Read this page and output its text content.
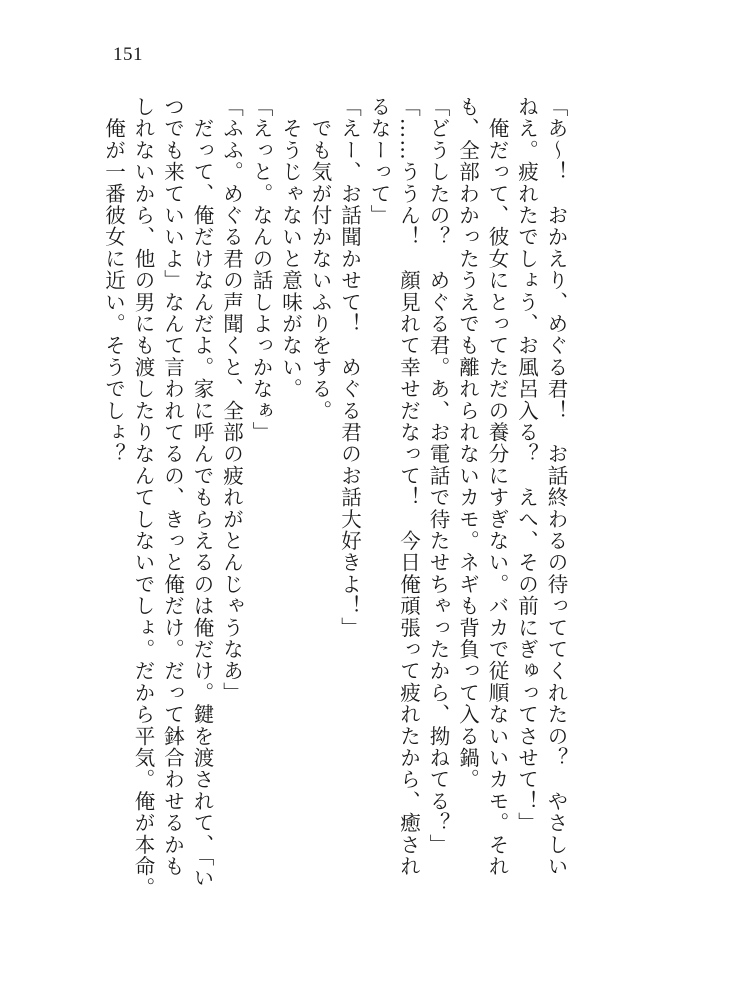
151
「あ〜！　おかえり、めぐる君！　お話終わるの待っててくれたの？　やさしい
ねえ。疲れたでしょう、お風呂入る？　えへ、その前にぎゅってさせて！」
　俺だって、彼女にとってただの養分にすぎない。バカで従順ないいカモ。それ
も、全部わかったうえでも離れられないカモ。ネギも背負って入る鍋。
「どうしたの？　めぐる君。あ、お電話で待たせちゃったから、拗ねてる？」
「……ううん！　顔見れて幸せだなって！　今日俺頑張って疲れたから、癒され
るなーって」
「えー、お話聞かせて！　めぐる君のお話大好きよ！」
　でも気が付かないふりをする。
　そうじゃないと意味がない。
「えっと。なんの話しよっかなぁ」
「ふふ。めぐる君の声聞くと、全部の疲れがとんじゃうなあ」
　だって、俺だけなんだよ。家に呼んでもらえるのは俺だけ。鍵を渡されて、「い
つでも来ていいよ」なんて言われてるの、きっと俺だけ。だって鉢合わせるかも
しれないから、他の男にも渡したりなんてしないでしょ。だから平気。俺が本命。
　俺が一番彼女に近い。そうでしょ？
